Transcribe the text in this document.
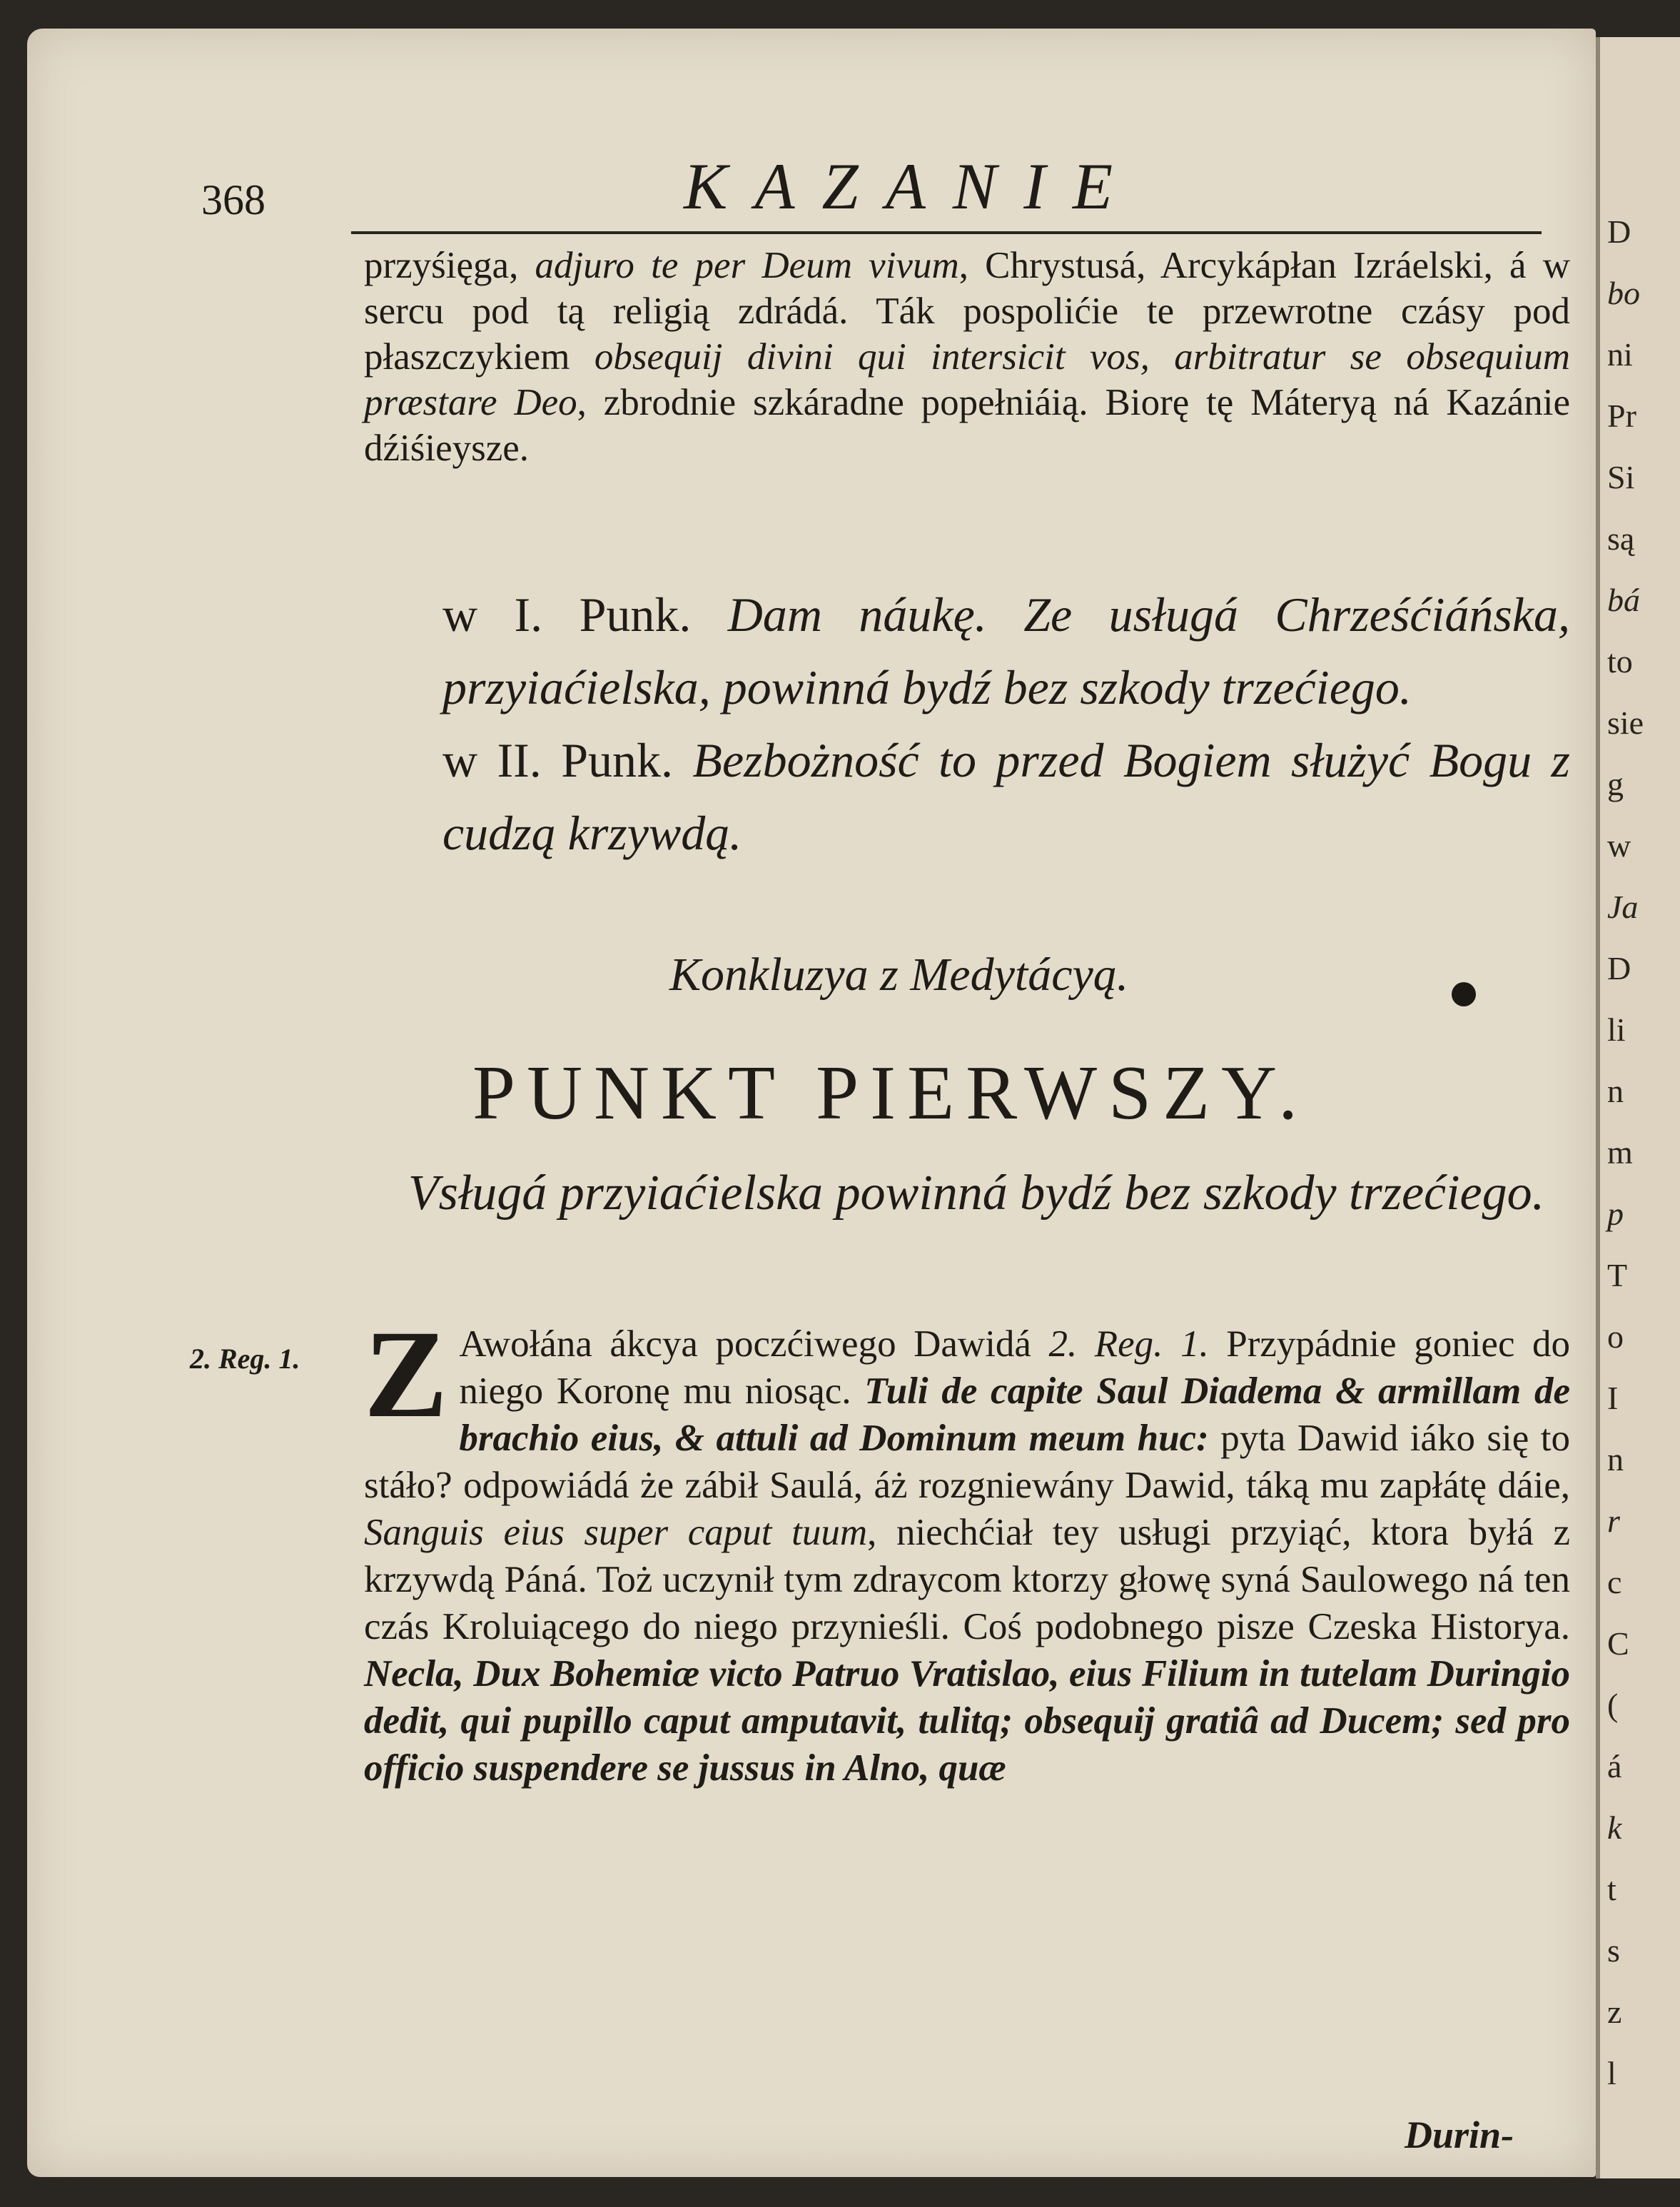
368	KAZANIE

przyśięga, adjuro te per Deum vivum, Chrystusá, Arcykápłan Izráelski, á w sercu pod tą religią zdrádá. Ták pospolićie te przewrotne czásy pod płaszczykiem obsequij divini qui intersicit vos, arbitratur se obsequium præstare Deo, zbrodnie szkáradne popełniáią. Biorę tę Máteryą ná Kazánie dźiśieysze.

w I. Punk. Dam náukę. Ze usługá Chrześćiáńska, przyiaćielska, powinná bydź bez szkody trzećiego.

w II. Punk. Bezbożność to przed Bogiem służyć Bogu z cudzą krzywdą.

Konkluzya z Medytácyą.
PUNKT PIERWSZY.
Vsługá przyiaćielska powinná bydź bez szkody trzećiego.
2. Reg. 1. Z Awołána ákcya poczćiwego Dawidá 2. Reg. 1. Przypádnie goniec do niego Koronę mu niosąc. Tuli de capite Saul Diadema & armillam de brachio eius, & attuli ad Dominum meum huc: pyta Dawid iáko się to stáło? odpowiádá że zábił Saulá, áż rozgniewány Dawid, táką mu zapłátę dáie, Sanguis eius super caput tuum, niechćiał tey usługi przyiąć, ktora byłá z krzywdą Páná. Toż uczynił tym zdraycom ktorzy głowę syná Saulowego ná ten czás Kroluiącego do niego przynieśli. Coś podobnego pisze Czeska Historya. Necla, Dux Bohemiæ victo Patruo Vratislao, eius Filium in tutelam Duringio dedit, qui pupillo caput amputavit, tulitq; obsequij gratiâ ad Ducem; sed pro officio suspendere se jussus in Alno, quæ

Durin-
D
bo
ni
Pr
Si
są
bá
to
sie
g
w
Ja
D
li
n
m
p
T
o
I
n
r
c
C
(
á
k
t
s
z
l
